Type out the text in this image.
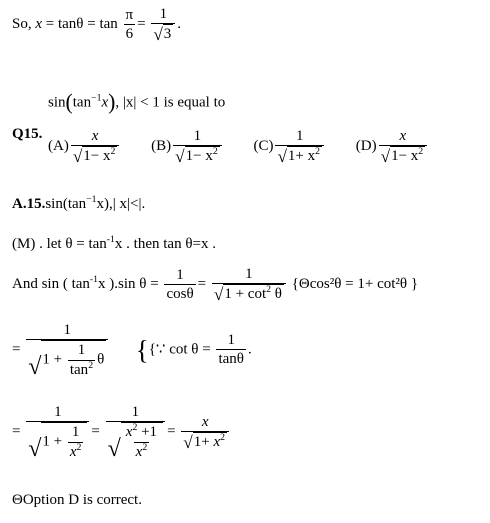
So, $x = \tan\theta = \tan \frac{\pi}{6} = \frac{1}{√ 3}$ .
$\sin(\tan^{-1}x)$, |x| < 1 is equal to
Q15.
$(A) \frac{x}{√ 1- x^2}$
$(B) \frac{1}{√ 1- x^2}$
$(C) \frac{1}{√ 1+ x^2}$
$(D) \frac{x}{√ 1- x^2}$
$A.15.\sin(\tan^{-1}x),|$ x|<|.
(M) . let $\theta = \tan^{-1}x$ . then tan θ=x .
And sin ( $\tan^{-1}x$ ).sin $\theta = \frac{1}{\cos\theta} = \frac{1}{√ 1 + \cot^2 \theta} \{\Theta\cos^2\theta = 1+ \cot^2\theta$ }
= $\frac{1}{√ 1 + \frac{1}{\tan^2} \theta}$ {{∵ $\cot \theta = \frac{1}{\tan\theta}$ .
= $\frac{1}{√ 1 + \frac{1}{x^2}} = \frac{1}{√ \frac{x^2 +1}{x^2}} = \frac{x}{√ 1+ x^2}$
ΘOption D is correct.
